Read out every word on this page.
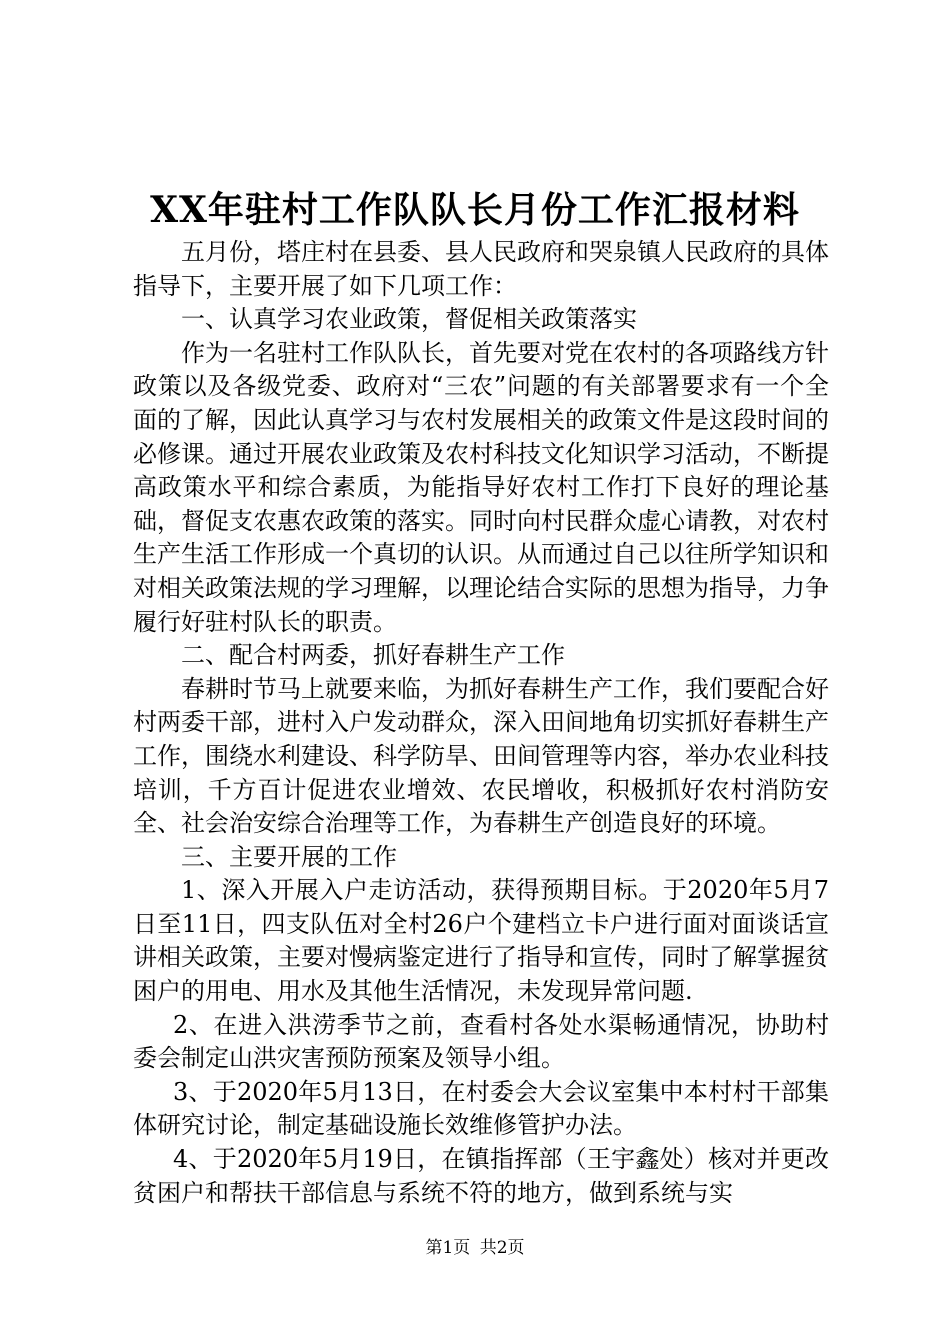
XX年驻村工作队队长月份工作汇报材料

五月份，塔庄村在县委、县人民政府和哭泉镇人民政府的具体指导下，主要开展了如下几项工作：

一、认真学习农业政策，督促相关政策落实

作为一名驻村工作队队长，首先要对党在农村的各项路线方针政策以及各级党委、政府对“三农”问题的有关部署要求有一个全面的了解，因此认真学习与农村发展相关的政策文件是这段时间的必修课。通过开展农业政策及农村科技文化知识学习活动，不断提高政策水平和综合素质，为能指导好农村工作打下良好的理论基础，督促支农惠农政策的落实。同时向村民群众虚心请教，对农村生产生活工作形成一个真切的认识。从而通过自己以往所学知识和对相关政策法规的学习理解，以理论结合实际的思想为指导，力争履行好驻村队长的职责。

二、配合村两委，抓好春耕生产工作

春耕时节马上就要来临，为抓好春耕生产工作，我们要配合好村两委干部，进村入户发动群众，深入田间地角切实抓好春耕生产工作，围绕水利建设、科学防旱、田间管理等内容，举办农业科技培训，千方百计促进农业增效、农民增收，积极抓好农村消防安全、社会治安综合治理等工作，为春耕生产创造良好的环境。

三、主要开展的工作

1、深入开展入户走访活动，获得预期目标。于2020年5月7日至11日，四支队伍对全村26户个建档立卡户进行面对面谈话宣讲相关政策，主要对慢病鉴定进行了指导和宣传，同时了解掌握贫困户的用电、用水及其他生活情况，未发现异常问题.

2、在进入洪涝季节之前，查看村各处水渠畅通情况，协助村委会制定山洪灾害预防预案及领导小组。

3、于2020年5月13日，在村委会大会议室集中本村村干部集体研究讨论，制定基础设施长效维修管护办法。

4、于2020年5月19日，在镇指挥部（王宇鑫处）核对并更改贫困户和帮扶干部信息与系统不符的地方，做到系统与实

第1页 共2页
